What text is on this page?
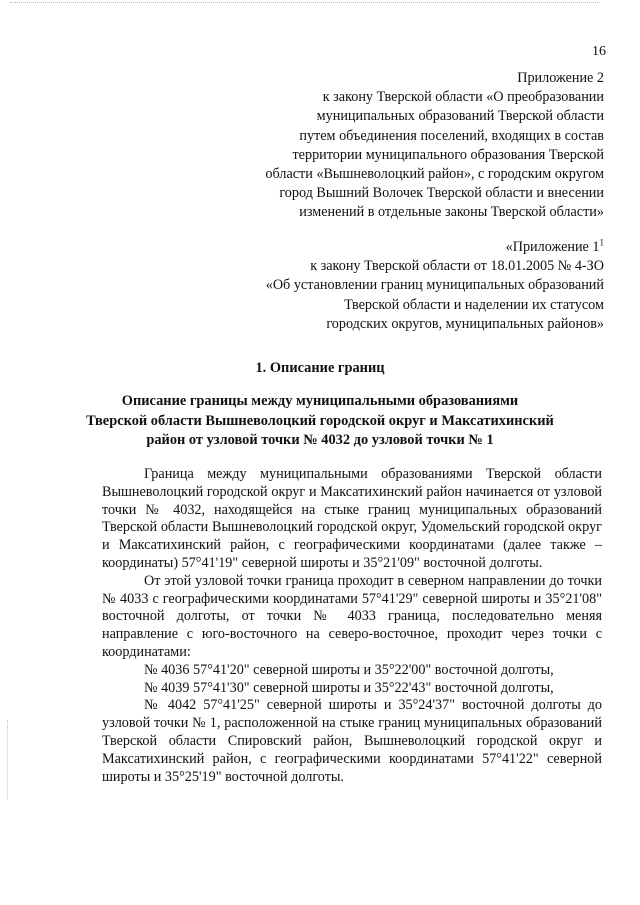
16
Приложение 2
к закону Тверской области «О преобразовании
муниципальных образований Тверской области
путем объединения поселений, входящих в состав
территории муниципального образования Тверской
области «Вышневолоцкий район», с городским округом
город Вышний Волочек Тверской области и внесении
изменений в отдельные законы Тверской области»
«Приложение $1^1$
к закону Тверской области от 18.01.2005 № 4-ЗО
«Об установлении границ муниципальных образований
Тверской области и наделении их статусом
городских округов, муниципальных районов»
1. Описание границ
Описание границы между муниципальными образованиями
Тверской области Вышневолоцкий городской округ и Максатихинский
район от узловой точки № 4032 до узловой точки № 1

Граница между муниципальными образованиями Тверской области Вышневолоцкий городской округ и Максатихинский район начинается от узловой точки № 4032, находящейся на стыке границ муниципальных образований Тверской области Вышневолоцкий городской округ, Удомельский городской округ и Максатихинский район, с географическими координатами (далее также – координаты) 57°41'19" северной широты и 35°21'09" восточной долготы.

От этой узловой точки граница проходит в северном направлении до точки № 4033 с географическими координатами 57°41'29" северной широты и 35°21'08" восточной долготы, от точки № 4033 граница, последовательно меняя направление с юго-восточного на северо-восточное, проходит через точки с координатами:

№ 4036 57°41'20" северной широты и 35°22'00" восточной долготы,

№ 4039 57°41'30" северной широты и 35°22'43" восточной долготы,

№ 4042 57°41'25" северной широты и 35°24'37" восточной долготы до узловой точки № 1, расположенной на стыке границ муниципальных образований Тверской области Спировский район, Вышневолоцкий городской округ и Максатихинский район, с географическими координатами 57°41'22" северной широты и 35°25'19" восточной долготы.
